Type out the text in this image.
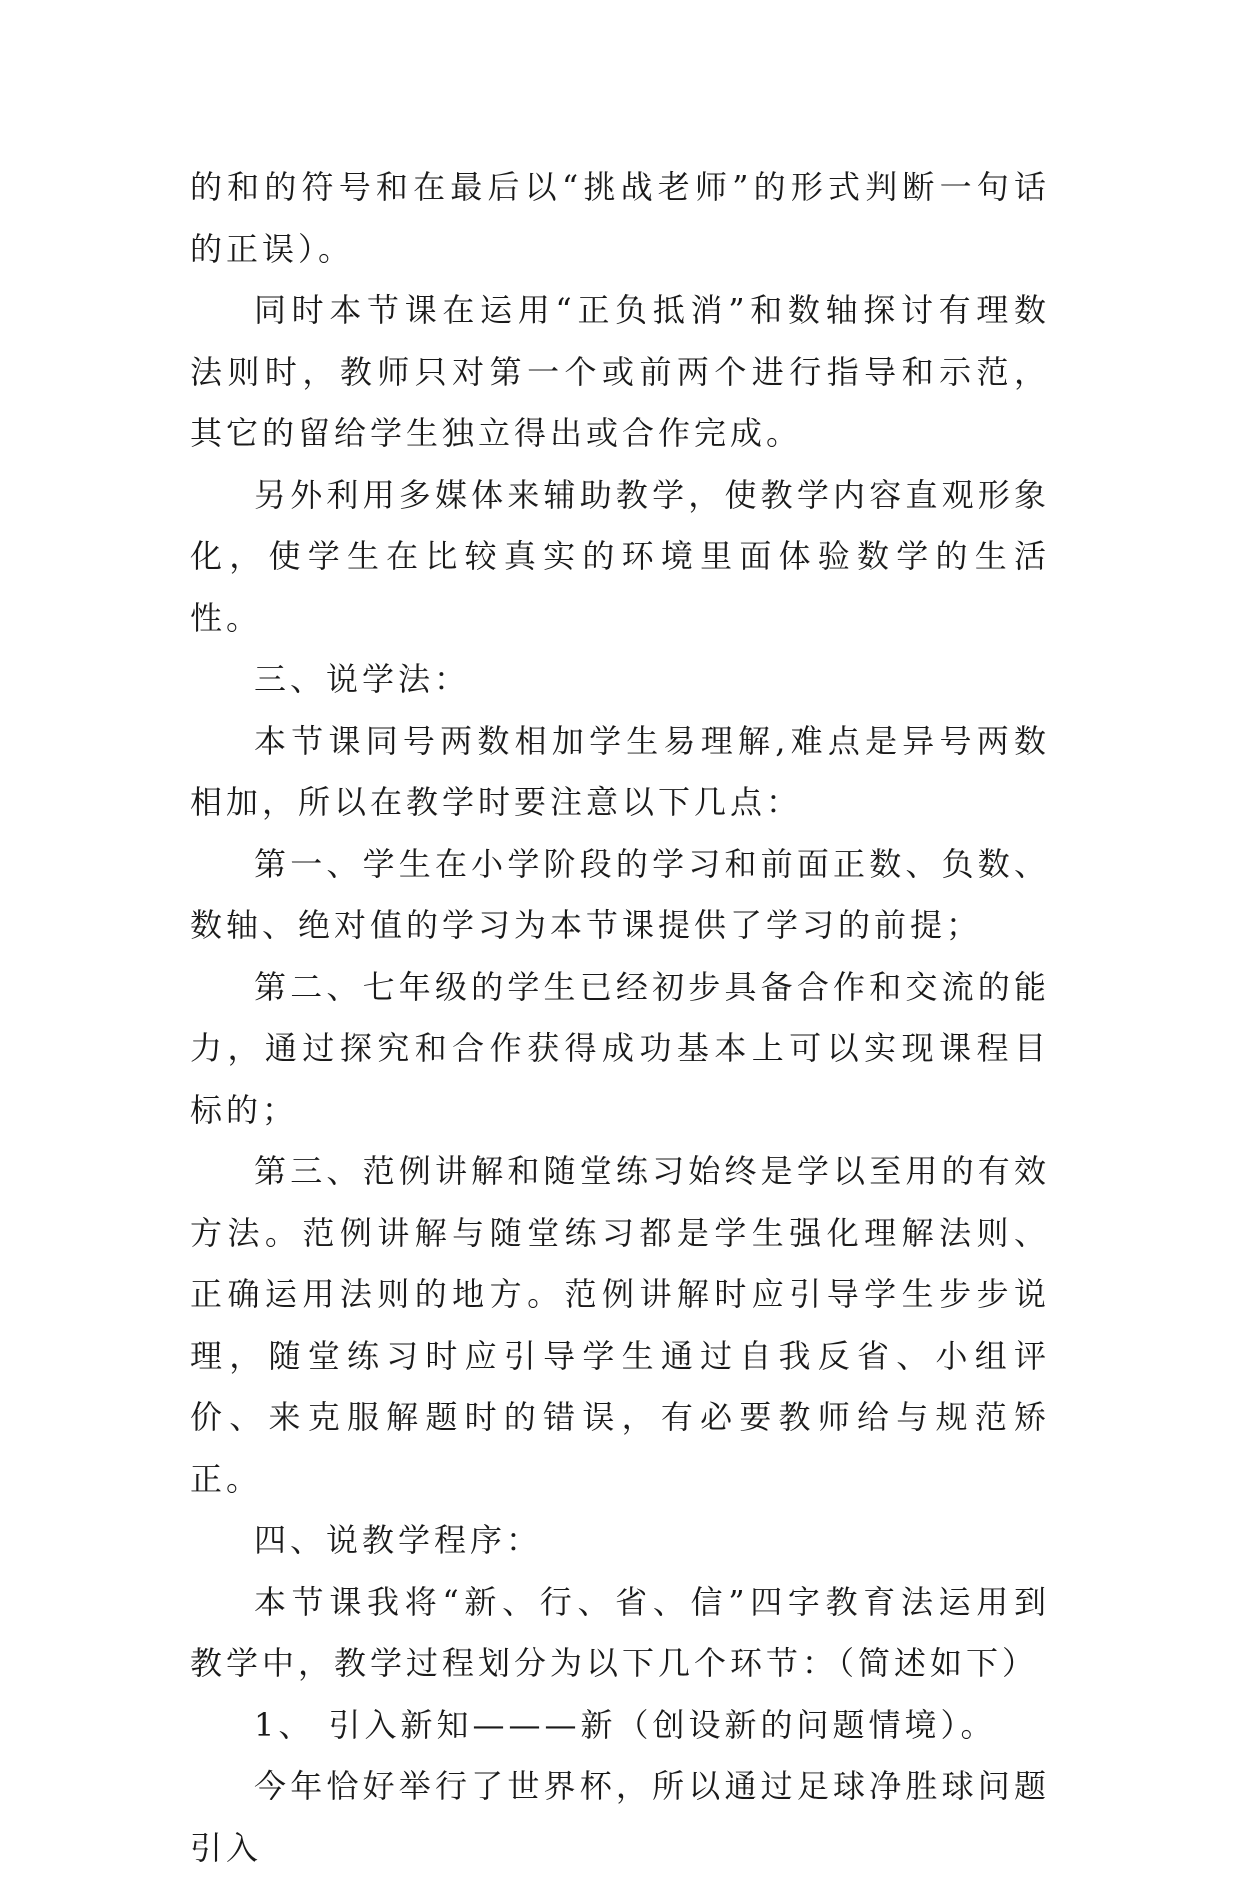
的和的符号和在最后以“挑战老师”的形式判断一句话的正误）。

同时本节课在运用“正负抵消”和数轴探讨有理数法则时，教师只对第一个或前两个进行指导和示范，其它的留给学生独立得出或合作完成。

另外利用多媒体来辅助教学，使教学内容直观形象化，使学生在比较真实的环境里面体验数学的生活性。

三、说学法：

本节课同号两数相加学生易理解,难点是异号两数相加，所以在教学时要注意以下几点：

第一、学生在小学阶段的学习和前面正数、负数、数轴、绝对值的学习为本节课提供了学习的前提；

第二、七年级的学生已经初步具备合作和交流的能力，通过探究和合作获得成功基本上可以实现课程目标的；

第三、范例讲解和随堂练习始终是学以至用的有效方法。范例讲解与随堂练习都是学生强化理解法则、正确运用法则的地方。范例讲解时应引导学生步步说理，随堂练习时应引导学生通过自我反省、小组评价、来克服解题时的错误，有必要教师给与规范矫正。

四、说教学程序：

本节课我将“新、行、省、信”四字教育法运用到教学中，教学过程划分为以下几个环节：（简述如下）

1、 引入新知———新（创设新的问题情境）。

今年恰好举行了世界杯，所以通过足球净胜球问题引入
